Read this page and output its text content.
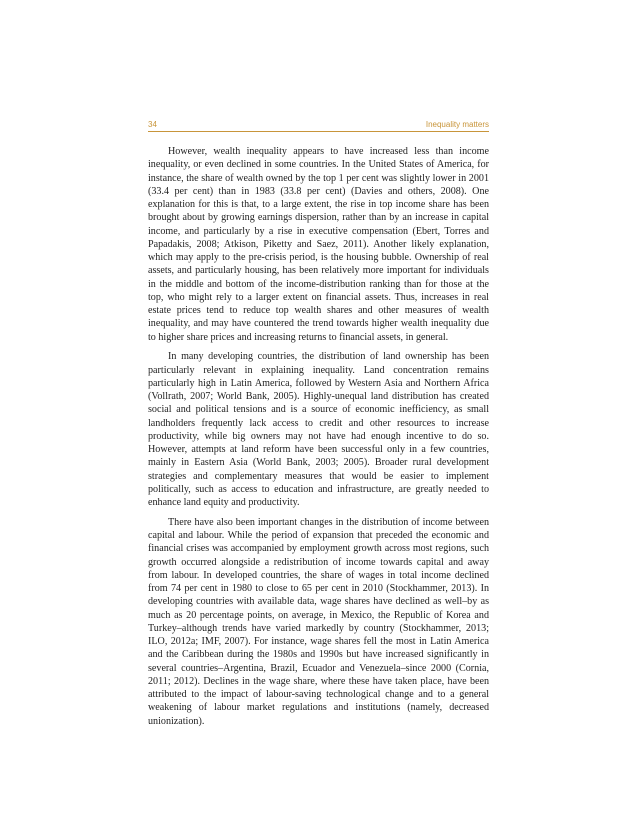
34	Inequality matters

However, wealth inequality appears to have increased less than income inequality, or even declined in some countries. In the United States of America, for instance, the share of wealth owned by the top 1 per cent was slightly lower in 2001 (33.4 per cent) than in 1983 (33.8 per cent) (Davies and others, 2008). One explanation for this is that, to a large extent, the rise in top income share has been brought about by growing earnings dispersion, rather than by an increase in capital income, and particularly by a rise in executive compensation (Ebert, Torres and Papadakis, 2008; Atkison, Piketty and Saez, 2011). Another likely explanation, which may apply to the pre-crisis period, is the housing bubble. Ownership of real assets, and particularly housing, has been relatively more important for individuals in the middle and bottom of the income-distribution ranking than for those at the top, who might rely to a larger extent on financial assets. Thus, increases in real estate prices tend to reduce top wealth shares and other measures of wealth inequality, and may have countered the trend towards higher wealth inequality due to higher share prices and increasing returns to financial assets, in general.

In many developing countries, the distribution of land ownership has been particularly relevant in explaining inequality. Land concentration remains particularly high in Latin America, followed by Western Asia and Northern Africa (Vollrath, 2007; World Bank, 2005). Highly-unequal land distribution has created social and political tensions and is a source of economic inefficiency, as small landholders frequently lack access to credit and other resources to increase productivity, while big owners may not have had enough incentive to do so. However, attempts at land reform have been successful only in a few countries, mainly in Eastern Asia (World Bank, 2003; 2005). Broader rural development strategies and complementary measures that would be easier to implement politically, such as access to education and infrastructure, are greatly needed to enhance land equity and productivity.

There have also been important changes in the distribution of income between capital and labour. While the period of expansion that preceded the economic and financial crises was accompanied by employment growth across most regions, such growth occurred alongside a redistribution of income towards capital and away from labour. In developed countries, the share of wages in total income declined from 74 per cent in 1980 to close to 65 per cent in 2010 (Stockhammer, 2013). In developing countries with available data, wage shares have declined as well–by as much as 20 percentage points, on average, in Mexico, the Republic of Korea and Turkey–although trends have varied markedly by country (Stockhammer, 2013; ILO, 2012a; IMF, 2007). For instance, wage shares fell the most in Latin America and the Caribbean during the 1980s and 1990s but have increased significantly in several countries–Argentina, Brazil, Ecuador and Venezuela–since 2000 (Cornia, 2011; 2012). Declines in the wage share, where these have taken place, have been attributed to the impact of labour-saving technological change and to a general weakening of labour market regulations and institutions (namely, decreased unionization).
